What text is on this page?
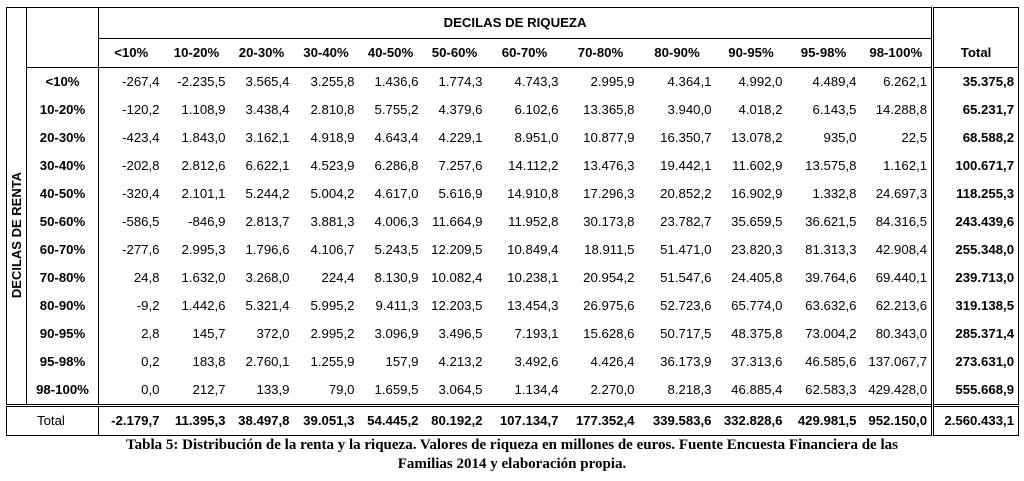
		DECILAS DE RIQUEZA												
		<10%	10-20%	20-30%	30-40%	40-50%	50-60%	60-70%	70-80%	80-90%	90-95%	95-98%	98-100%	Total

DECILAS DE RENTA	<10%	-267,4	-2.235,5	3.565,4	3.255,8	1.436,6	1.774,3	4.743,3	2.995,9	4.364,1	4.992,0	4.489,4	6.262,1	35.375,8
	10-20%	-120,2	1.108,9	3.438,4	2.810,8	5.755,2	4.379,6	6.102,6	13.365,8	3.940,0	4.018,2	6.143,5	14.288,8	65.231,7
	20-30%	-423,4	1.843,0	3.162,1	4.918,9	4.643,4	4.229,1	8.951,0	10.877,9	16.350,7	13.078,2	935,0	22,5	68.588,2
	30-40%	-202,8	2.812,6	6.622,1	4.523,9	6.286,8	7.257,6	14.112,2	13.476,3	19.442,1	11.602,9	13.575,8	1.162,1	100.671,7
	40-50%	-320,4	2.101,1	5.244,2	5.004,2	4.617,0	5.616,9	14.910,8	17.296,3	20.852,2	16.902,9	1.332,8	24.697,3	118.255,3
	50-60%	-586,5	-846,9	2.813,7	3.881,3	4.006,3	11.664,9	11.952,8	30.173,8	23.782,7	35.659,5	36.621,5	84.316,5	243.439,6
	60-70%	-277,6	2.995,3	1.796,6	4.106,7	5.243,5	12.209,5	10.849,4	18.911,5	51.471,0	23.820,3	81.313,3	42.908,4	255.348,0
	70-80%	24,8	1.632,0	3.268,0	224,4	8.130,9	10.082,4	10.238,1	20.954,2	51.547,6	24.405,8	39.764,6	69.440,1	239.713,0
	80-90%	-9,2	1.442,6	5.321,4	5.995,2	9.411,3	12.203,5	13.454,3	26.975,6	52.723,6	65.774,0	63.632,6	62.213,6	319.138,5
	90-95%	2,8	145,7	372,0	2.995,2	3.096,9	3.496,5	7.193,1	15.628,6	50.717,5	48.375,8	73.004,2	80.343,0	285.371,4
	95-98%	0,2	183,8	2.760,1	1.255,9	157,9	4.213,2	3.492,6	4.426,4	36.173,9	37.313,6	46.585,6	137.067,7	273.631,0
	98-100%	0,0	212,7	133,9	79,0	1.659,5	3.064,5	1.134,4	2.270,0	8.218,3	46.885,4	62.583,3	429.428,0	555.668,9
Total		-2.179,7	11.395,3	38.497,8	39.051,3	54.445,2	80.192,2	107.134,7	177.352,4	339.583,6	332.828,6	429.981,5	952.150,0	2.560.433,1
Tabla 5: Distribución de la renta y la riqueza. Valores de riqueza en millones de euros. Fuente Encuesta Financiera de las
Familias 2014 y elaboración propia.
